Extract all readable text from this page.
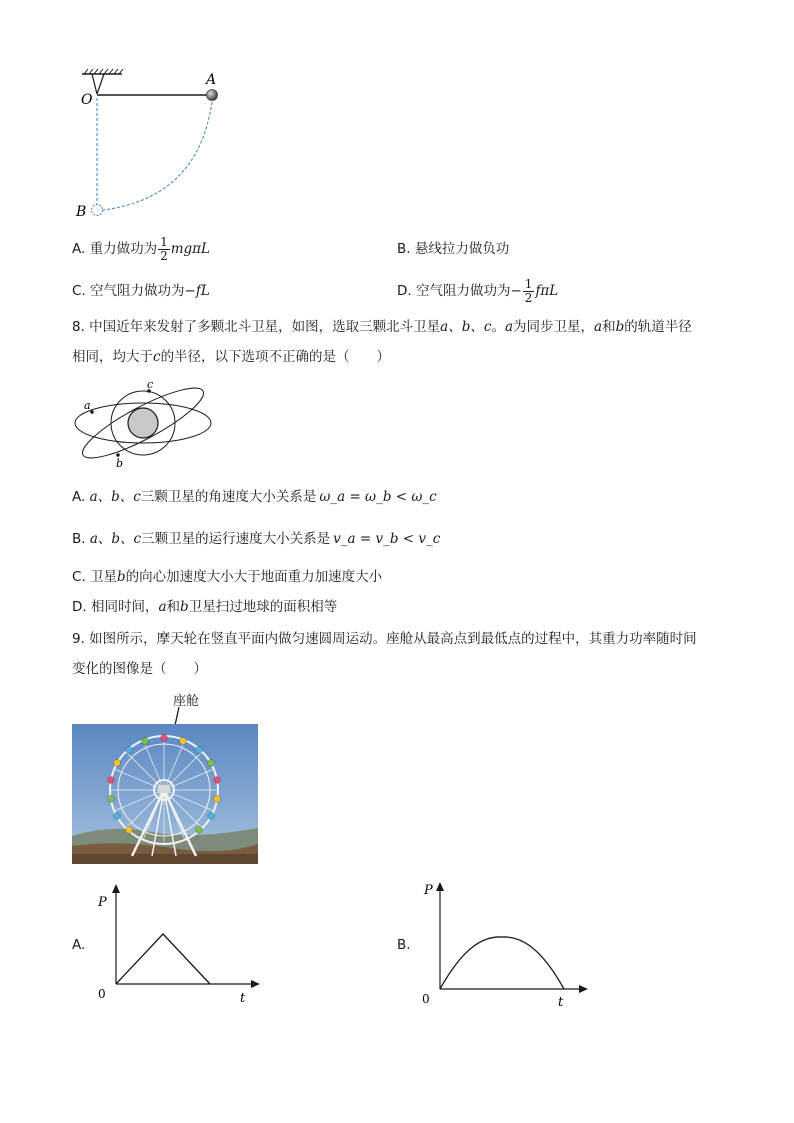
O
A
B
A. 重力做功为 $\frac{1}{2}$ mgπL	B. 悬线拉力做负功
C. 空气阻力做功为−fL	D. 空气阻力做功为− $\frac{1}{2}$ fπL
8. 中国近年来发射了多颗北斗卫星，如图，选取三颗北斗卫星a、b、c。a为同步卫星，a和b的轨道半径
相同，均大于c的半径，以下选项不正确的是（　　）
a
b
c
A. a、b、c三颗卫星的角速度大小关系是 ω_a = ω_b < ω_c
B. a、b、c三颗卫星的运行速度大小关系是 v_a = v_b < v_c
C. 卫星b的向心加速度大小大于地面重力加速度大小
D. 相同时间，a和b卫星扫过地球的面积相等
9. 如图所示，摩天轮在竖直平面内做匀速圆周运动。座舱从最高点到最低点的过程中，其重力功率随时间
变化的图像是（　　）
座舱
A.
P
t
0
B.
P
t
0
